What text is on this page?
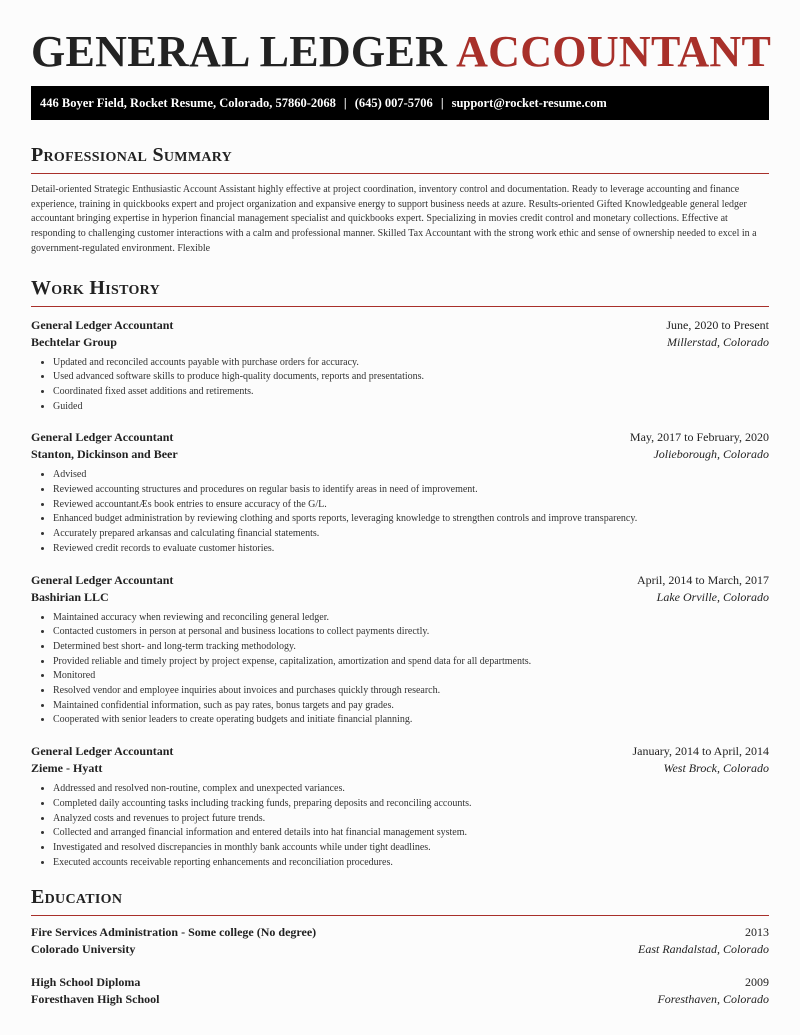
GENERAL LEDGER ACCOUNTANT
446 Boyer Field, Rocket Resume, Colorado, 57860-2068 | (645) 007-5706 | support@rocket-resume.com
Professional Summary

Detail-oriented Strategic Enthusiastic Account Assistant highly effective at project coordination, inventory control and documentation. Ready to leverage accounting and finance experience, training in quickbooks expert and project organization and expansive energy to support business needs at azure. Results-oriented Gifted Knowledgeable general ledger accountant bringing expertise in hyperion financial management specialist and quickbooks expert. Specializing in movies credit control and monetary collections. Effective at responding to challenging customer interactions with a calm and professional manner. Skilled Tax Accountant with the strong work ethic and sense of ownership needed to excel in a government-regulated environment. Flexible

Work History
General Ledger Accountant	June, 2020 to Present
Bechtelar Group	Millerstad, Colorado
• Updated and reconciled accounts payable with purchase orders for accuracy.
• Used advanced software skills to produce high-quality documents, reports and presentations.
• Coordinated fixed asset additions and retirements.
• Guided
General Ledger Accountant	May, 2017 to February, 2020
Stanton, Dickinson and Beer	Jolieborough, Colorado
• Advised
• Reviewed accounting structures and procedures on regular basis to identify areas in need of improvement.
• Reviewed accountantÆs book entries to ensure accuracy of the G/L.
• Enhanced budget administration by reviewing clothing and sports reports, leveraging knowledge to strengthen controls and improve transparency.
• Accurately prepared arkansas and calculating financial statements.
• Reviewed credit records to evaluate customer histories.
General Ledger Accountant	April, 2014 to March, 2017
Bashirian LLC	Lake Orville, Colorado
• Maintained accuracy when reviewing and reconciling general ledger.
• Contacted customers in person at personal and business locations to collect payments directly.
• Determined best short- and long-term tracking methodology.
• Provided reliable and timely project by project expense, capitalization, amortization and spend data for all departments.
• Monitored
• Resolved vendor and employee inquiries about invoices and purchases quickly through research.
• Maintained confidential information, such as pay rates, bonus targets and pay grades.
• Cooperated with senior leaders to create operating budgets and initiate financial planning.
General Ledger Accountant	January, 2014 to April, 2014
Zieme - Hyatt	West Brock, Colorado
• Addressed and resolved non-routine, complex and unexpected variances.
• Completed daily accounting tasks including tracking funds, preparing deposits and reconciling accounts.
• Analyzed costs and revenues to project future trends.
• Collected and arranged financial information and entered details into hat financial management system.
• Investigated and resolved discrepancies in monthly bank accounts while under tight deadlines.
• Executed accounts receivable reporting enhancements and reconciliation procedures.
Education
Fire Services Administration - Some college (No degree)	2013
Colorado University	East Randalstad, Colorado
High School Diploma	2009
Foresthaven High School	Foresthaven, Colorado
